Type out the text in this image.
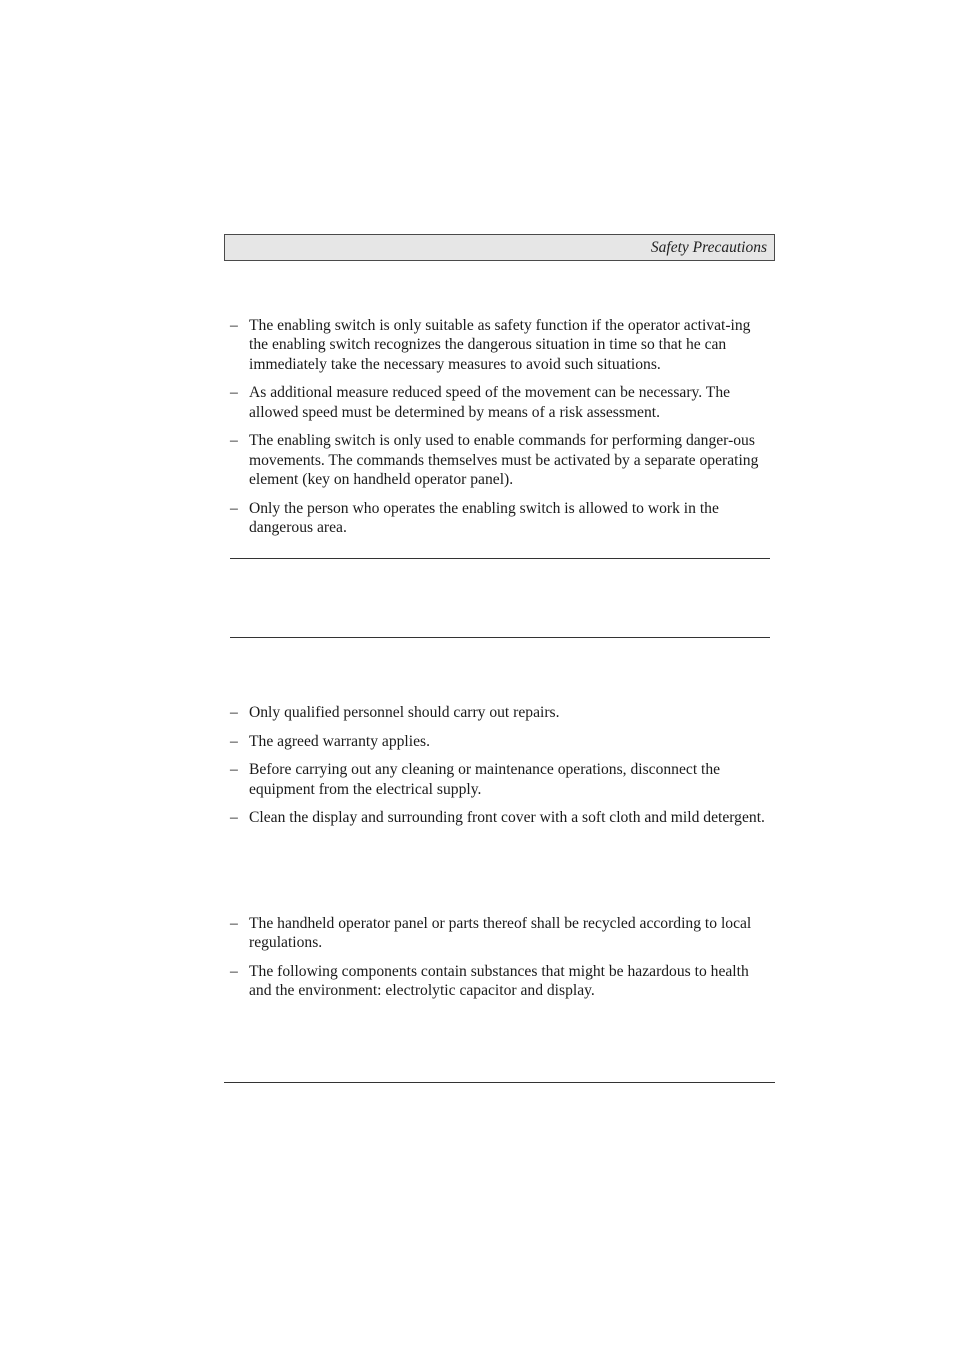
Safety Precautions
– The enabling switch is only suitable as safety function if the operator activat-ing the enabling switch recognizes the dangerous situation in time so that he can immediately take the necessary measures to avoid such situations.
– As additional measure reduced speed of the movement can be necessary. The allowed speed must be determined by means of a risk assessment.
– The enabling switch is only used to enable commands for performing danger-ous movements. The commands themselves must be activated by a separate operating element (key on handheld operator panel).
– Only the person who operates the enabling switch is allowed to work in the dangerous area.
– Only qualified personnel should carry out repairs.
– The agreed warranty applies.
– Before carrying out any cleaning or maintenance operations, disconnect the equipment from the electrical supply.
– Clean the display and surrounding front cover with a soft cloth and mild detergent.
– The handheld operator panel or parts thereof shall be recycled according to local regulations.
– The following components contain substances that might be hazardous to health and the environment: electrolytic capacitor and display.
